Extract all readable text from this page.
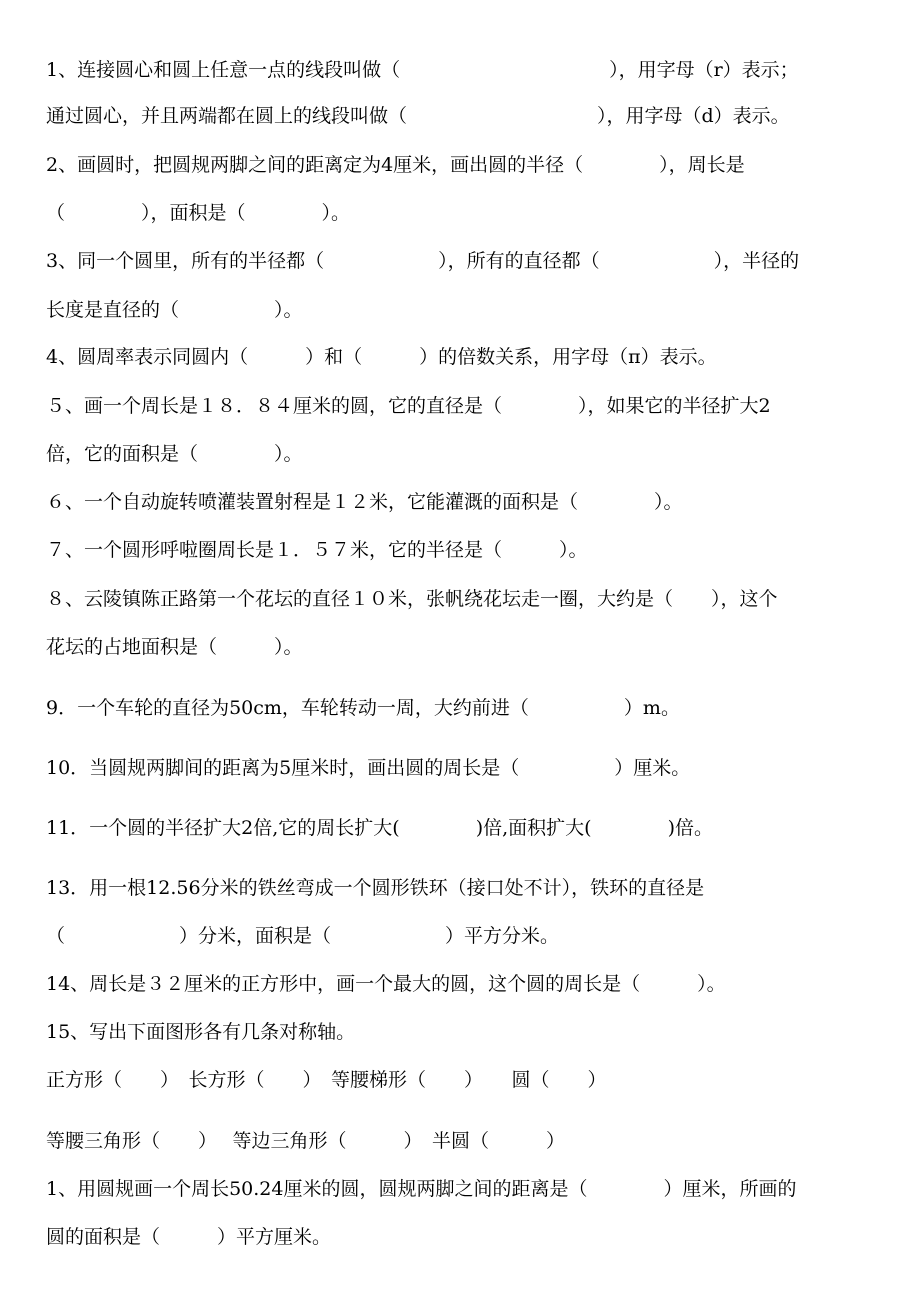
1、连接圆心和圆上任意一点的线段叫做（　　　　　　　　　　　），用字母（r）表示；
通过圆心，并且两端都在圆上的线段叫做（　　　　　　　　　　），用字母（d）表示。
2、画圆时，把圆规两脚之间的距离定为4厘米，画出圆的半径（　　　　），周长是
（　　　　），面积是（　　　　）。
3、同一个圆里，所有的半径都（　　　　　　），所有的直径都（　　　　　　），半径的
长度是直径的（　　　　　）。
4、圆周率表示同圆内（　　　）和（　　　）的倍数关系，用字母（π）表示。
５、画一个周长是１８．８４厘米的圆，它的直径是（　　　　），如果它的半径扩大2
倍，它的面积是（　　　　）。
６、一个自动旋转喷灌装置射程是１２米，它能灌溉的面积是（　　　　）。
７、一个圆形呼啦圈周长是１．５７米，它的半径是（　　　）。
８、云陵镇陈正路第一个花坛的直径１０米，张帆绕花坛走一圈，大约是（　　），这个
花坛的占地面积是（　　　）。
9．一个车轮的直径为50cm，车轮转动一周，大约前进（　　　　　）m。
10．当圆规两脚间的距离为5厘米时，画出圆的周长是（　　　　　）厘米。
11．一个圆的半径扩大2倍,它的周长扩大(　　　　)倍,面积扩大(　　　　)倍。
13．用一根12.56分米的铁丝弯成一个圆形铁环（接口处不计），铁环的直径是
（　　　　　　）分米，面积是（　　　　　　）平方分米。
14、周长是３２厘米的正方形中，画一个最大的圆，这个圆的周长是（　　　）。
15、写出下面图形各有几条对称轴。
正方形（　　）　长方形（　　）　等腰梯形（　　）　　圆（　　）
等腰三角形（　　）　 等边三角形（　　　）　半圆（　　　）
1、用圆规画一个周长50.24厘米的圆，圆规两脚之间的距离是（　　　　）厘米，所画的
圆的面积是（　　　）平方厘米。
